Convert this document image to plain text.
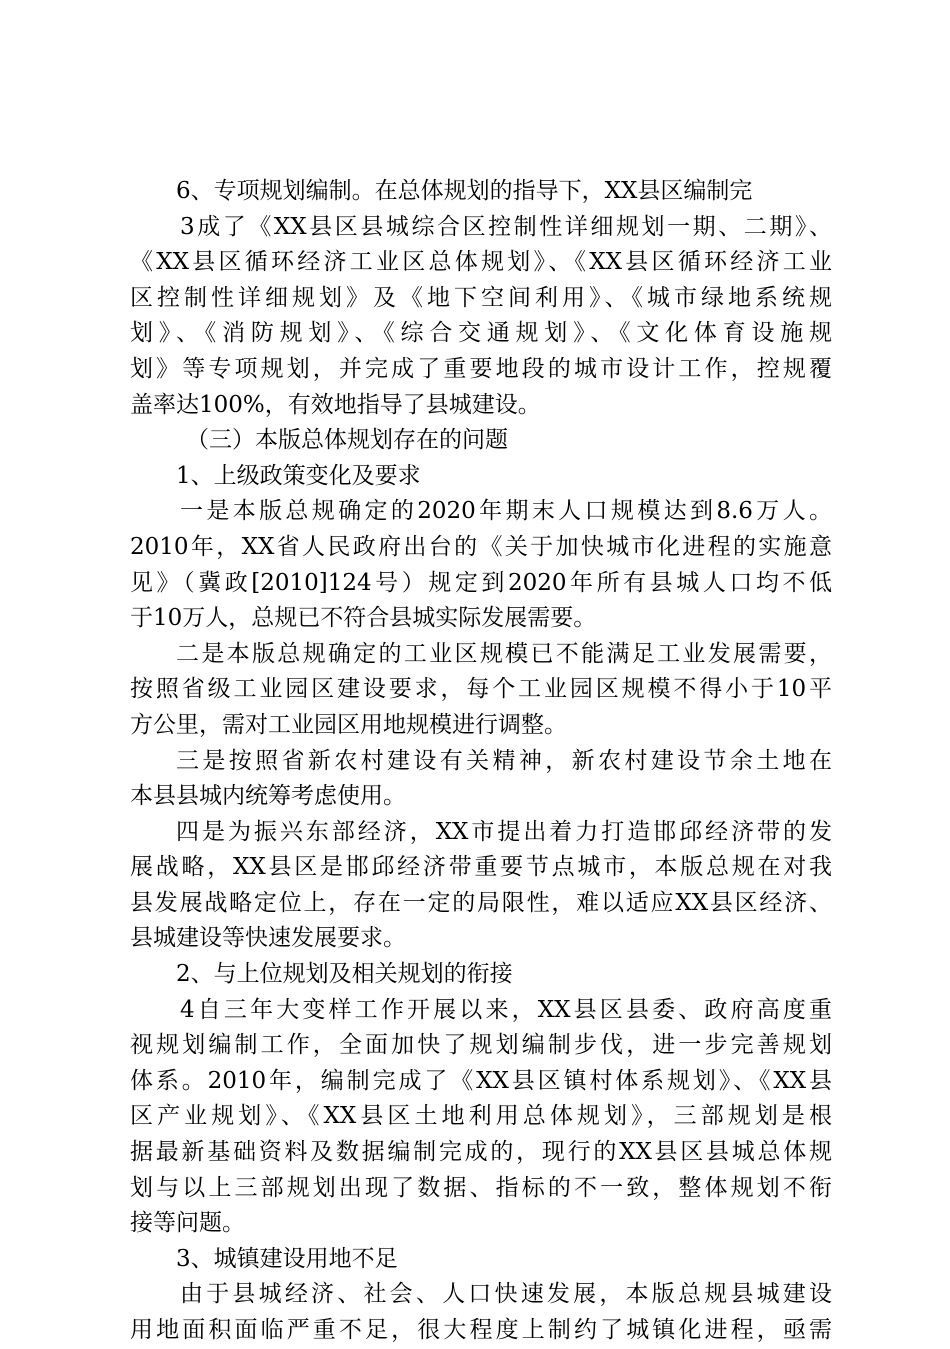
6、专项规划编制。在总体规划的指导下，XX县区编制完
3成了《XX县区县城综合区控制性详细规划一期、二期》、
《XX县区循环经济工业区总体规划》、《XX县区循环经济工业
区控制性详细规划》及《地下空间利用》、《城市绿地系统规
划》、《消防规划》、《综合交通规划》、《文化体育设施规
划》等专项规划，并完成了重要地段的城市设计工作，控规覆
盖率达100%，有效地指导了县城建设。
（三）本版总体规划存在的问题
1、上级政策变化及要求
一是本版总规确定的2020年期末人口规模达到8.6万人。
2010年，XX省人民政府出台的《关于加快城市化进程的实施意
见》（冀政[2010]124号）规定到2020年所有县城人口均不低
于10万人，总规已不符合县城实际发展需要。
二是本版总规确定的工业区规模已不能满足工业发展需要，
按照省级工业园区建设要求，每个工业园区规模不得小于10平
方公里，需对工业园区用地规模进行调整。
三是按照省新农村建设有关精神，新农村建设节余土地在
本县县城内统筹考虑使用。
四是为振兴东部经济，XX市提出着力打造邯邱经济带的发
展战略，XX县区是邯邱经济带重要节点城市，本版总规在对我
县发展战略定位上，存在一定的局限性，难以适应XX县区经济、
县城建设等快速发展要求。
2、与上位规划及相关规划的衔接
4自三年大变样工作开展以来，XX县区县委、政府高度重
视规划编制工作，全面加快了规划编制步伐，进一步完善规划
体系。2010年，编制完成了《XX县区镇村体系规划》、《XX县
区产业规划》、《XX县区土地利用总体规划》，三部规划是根
据最新基础资料及数据编制完成的，现行的XX县区县城总体规
划与以上三部规划出现了数据、指标的不一致，整体规划不衔
接等问题。
3、城镇建设用地不足
由于县城经济、社会、人口快速发展，本版总规县城建设
用地面积面临严重不足，很大程度上制约了城镇化进程，亟需
